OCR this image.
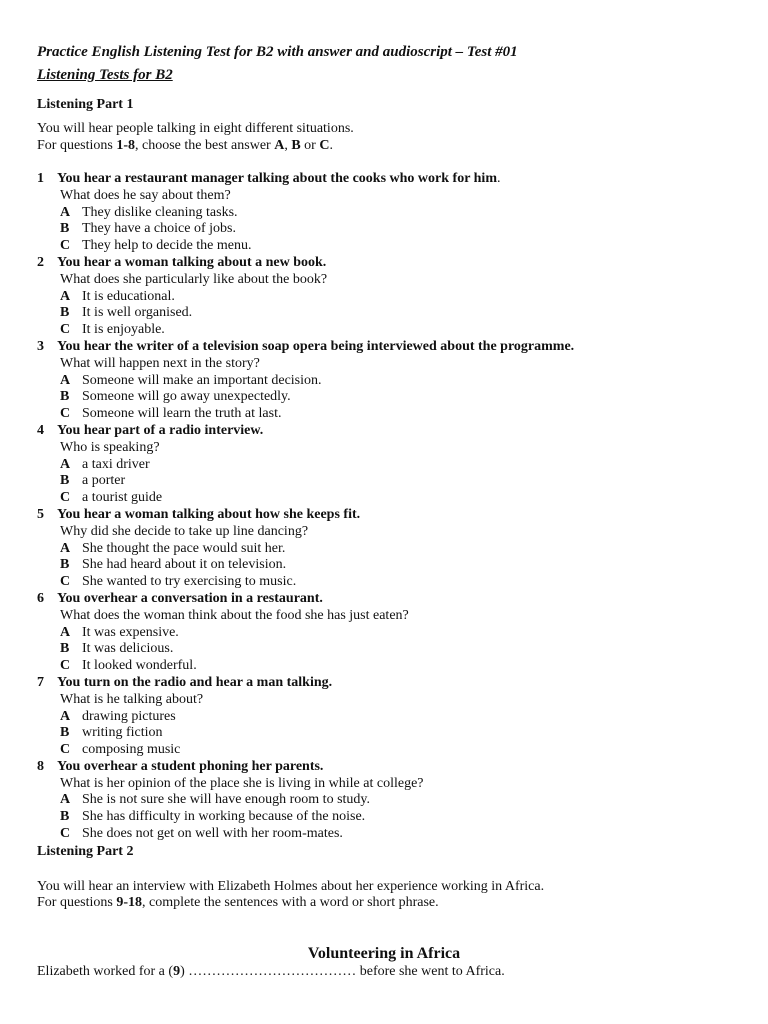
Practice English Listening Test for B2 with answer and audioscript – Test #01
Listening Tests for B2
Listening Part 1
You will hear people talking in eight different situations.
For questions 1-8, choose the best answer A, B or C.
1 You hear a restaurant manager talking about the cooks who work for him.
What does he say about them?
A They dislike cleaning tasks.
B They have a choice of jobs.
C They help to decide the menu.
2 You hear a woman talking about a new book.
What does she particularly like about the book?
A It is educational.
B It is well organised.
C It is enjoyable.
3 You hear the writer of a television soap opera being interviewed about the programme.
What will happen next in the story?
A Someone will make an important decision.
B Someone will go away unexpectedly.
C Someone will learn the truth at last.
4 You hear part of a radio interview.
Who is speaking?
A a taxi driver
B a porter
C a tourist guide
5 You hear a woman talking about how she keeps fit.
Why did she decide to take up line dancing?
A She thought the pace would suit her.
B She had heard about it on television.
C She wanted to try exercising to music.
6 You overhear a conversation in a restaurant.
What does the woman think about the food she has just eaten?
A It was expensive.
B It was delicious.
C It looked wonderful.
7 You turn on the radio and hear a man talking.
What is he talking about?
A drawing pictures
B writing fiction
C composing music
8 You overhear a student phoning her parents.
What is her opinion of the place she is living in while at college?
A She is not sure she will have enough room to study.
B She has difficulty in working because of the noise.
C She does not get on well with her room-mates.
Listening Part 2
You will hear an interview with Elizabeth Holmes about her experience working in Africa.
For questions 9-18, complete the sentences with a word or short phrase.
Volunteering in Africa
Elizabeth worked for a (9) ……………………………… before she went to Africa.
